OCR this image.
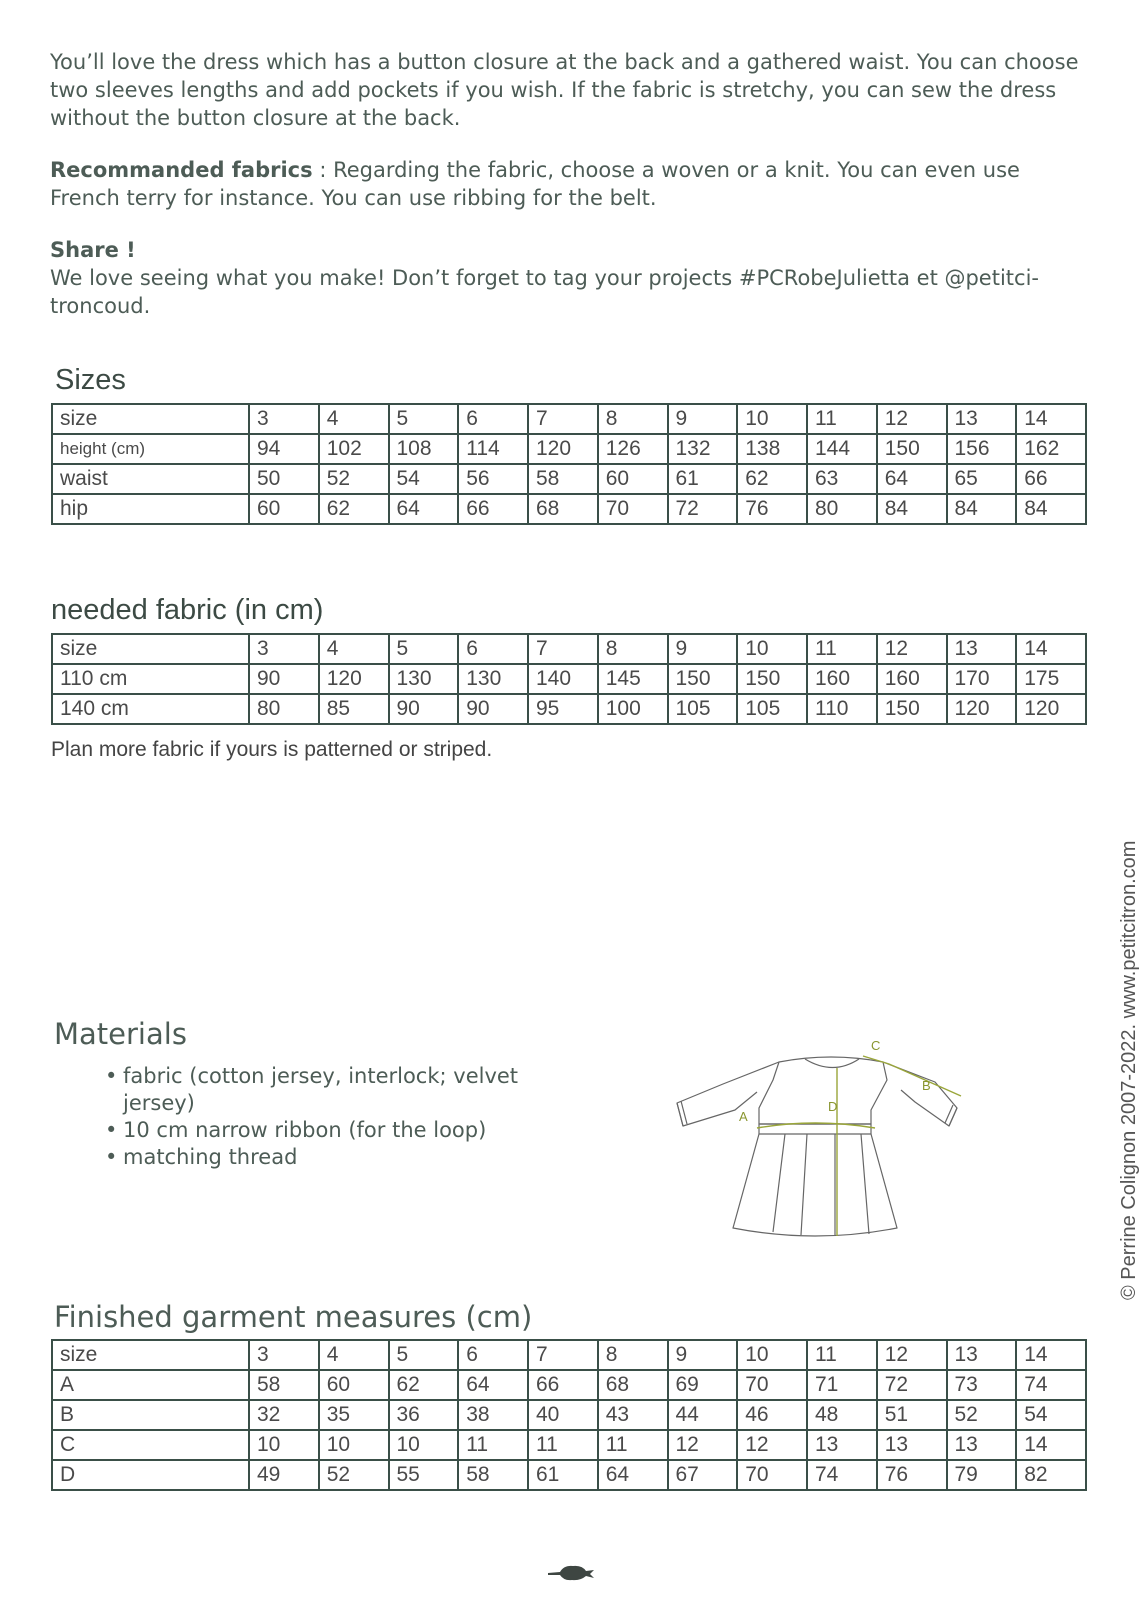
You’ll love the dress which has a button closure at the back and a gathered waist. You can choose two sleeves lengths and add pockets if you wish. If the fabric is stretchy, you can sew the dress without the button closure at the back.

Recommanded fabrics : Regarding the fabric, choose a woven or a knit. You can even use French terry for instance. You can use ribbing for the belt.

Share !
We love seeing what you make! Don’t forget to tag your projects #PCRobeJulietta et @petitci-troncoud.

Sizes
size	3	4	5	6	7	8	9	10	11	12	13	14
height (cm)	94	102	108	114	120	126	132	138	144	150	156	162
waist	50	52	54	56	58	60	61	62	63	64	65	66
hip	60	62	64	66	68	70	72	76	80	84	84	84
needed fabric (in cm)
size	3	4	5	6	7	8	9	10	11	12	13	14
110 cm	90	120	130	130	140	145	150	150	160	160	170	175
140 cm	80	85	90	90	95	100	105	105	110	150	120	120

Plan more fabric if yours is patterned or striped.

Materials
• fabric (cotton jersey, interlock; velvet jersey)
• 10 cm narrow ribbon (for the loop)
• matching thread
A
B
C
D
Finished garment measures (cm)
size	3	4	5	6	7	8	9	10	11	12	13	14
A	58	60	62	64	66	68	69	70	71	72	73	74
B	32	35	36	38	40	43	44	46	48	51	52	54
C	10	10	10	11	11	11	12	12	13	13	13	14
D	49	52	55	58	61	64	67	70	74	76	79	82
© Perrine Colignon 2007-2022. www.petitcitron.com
